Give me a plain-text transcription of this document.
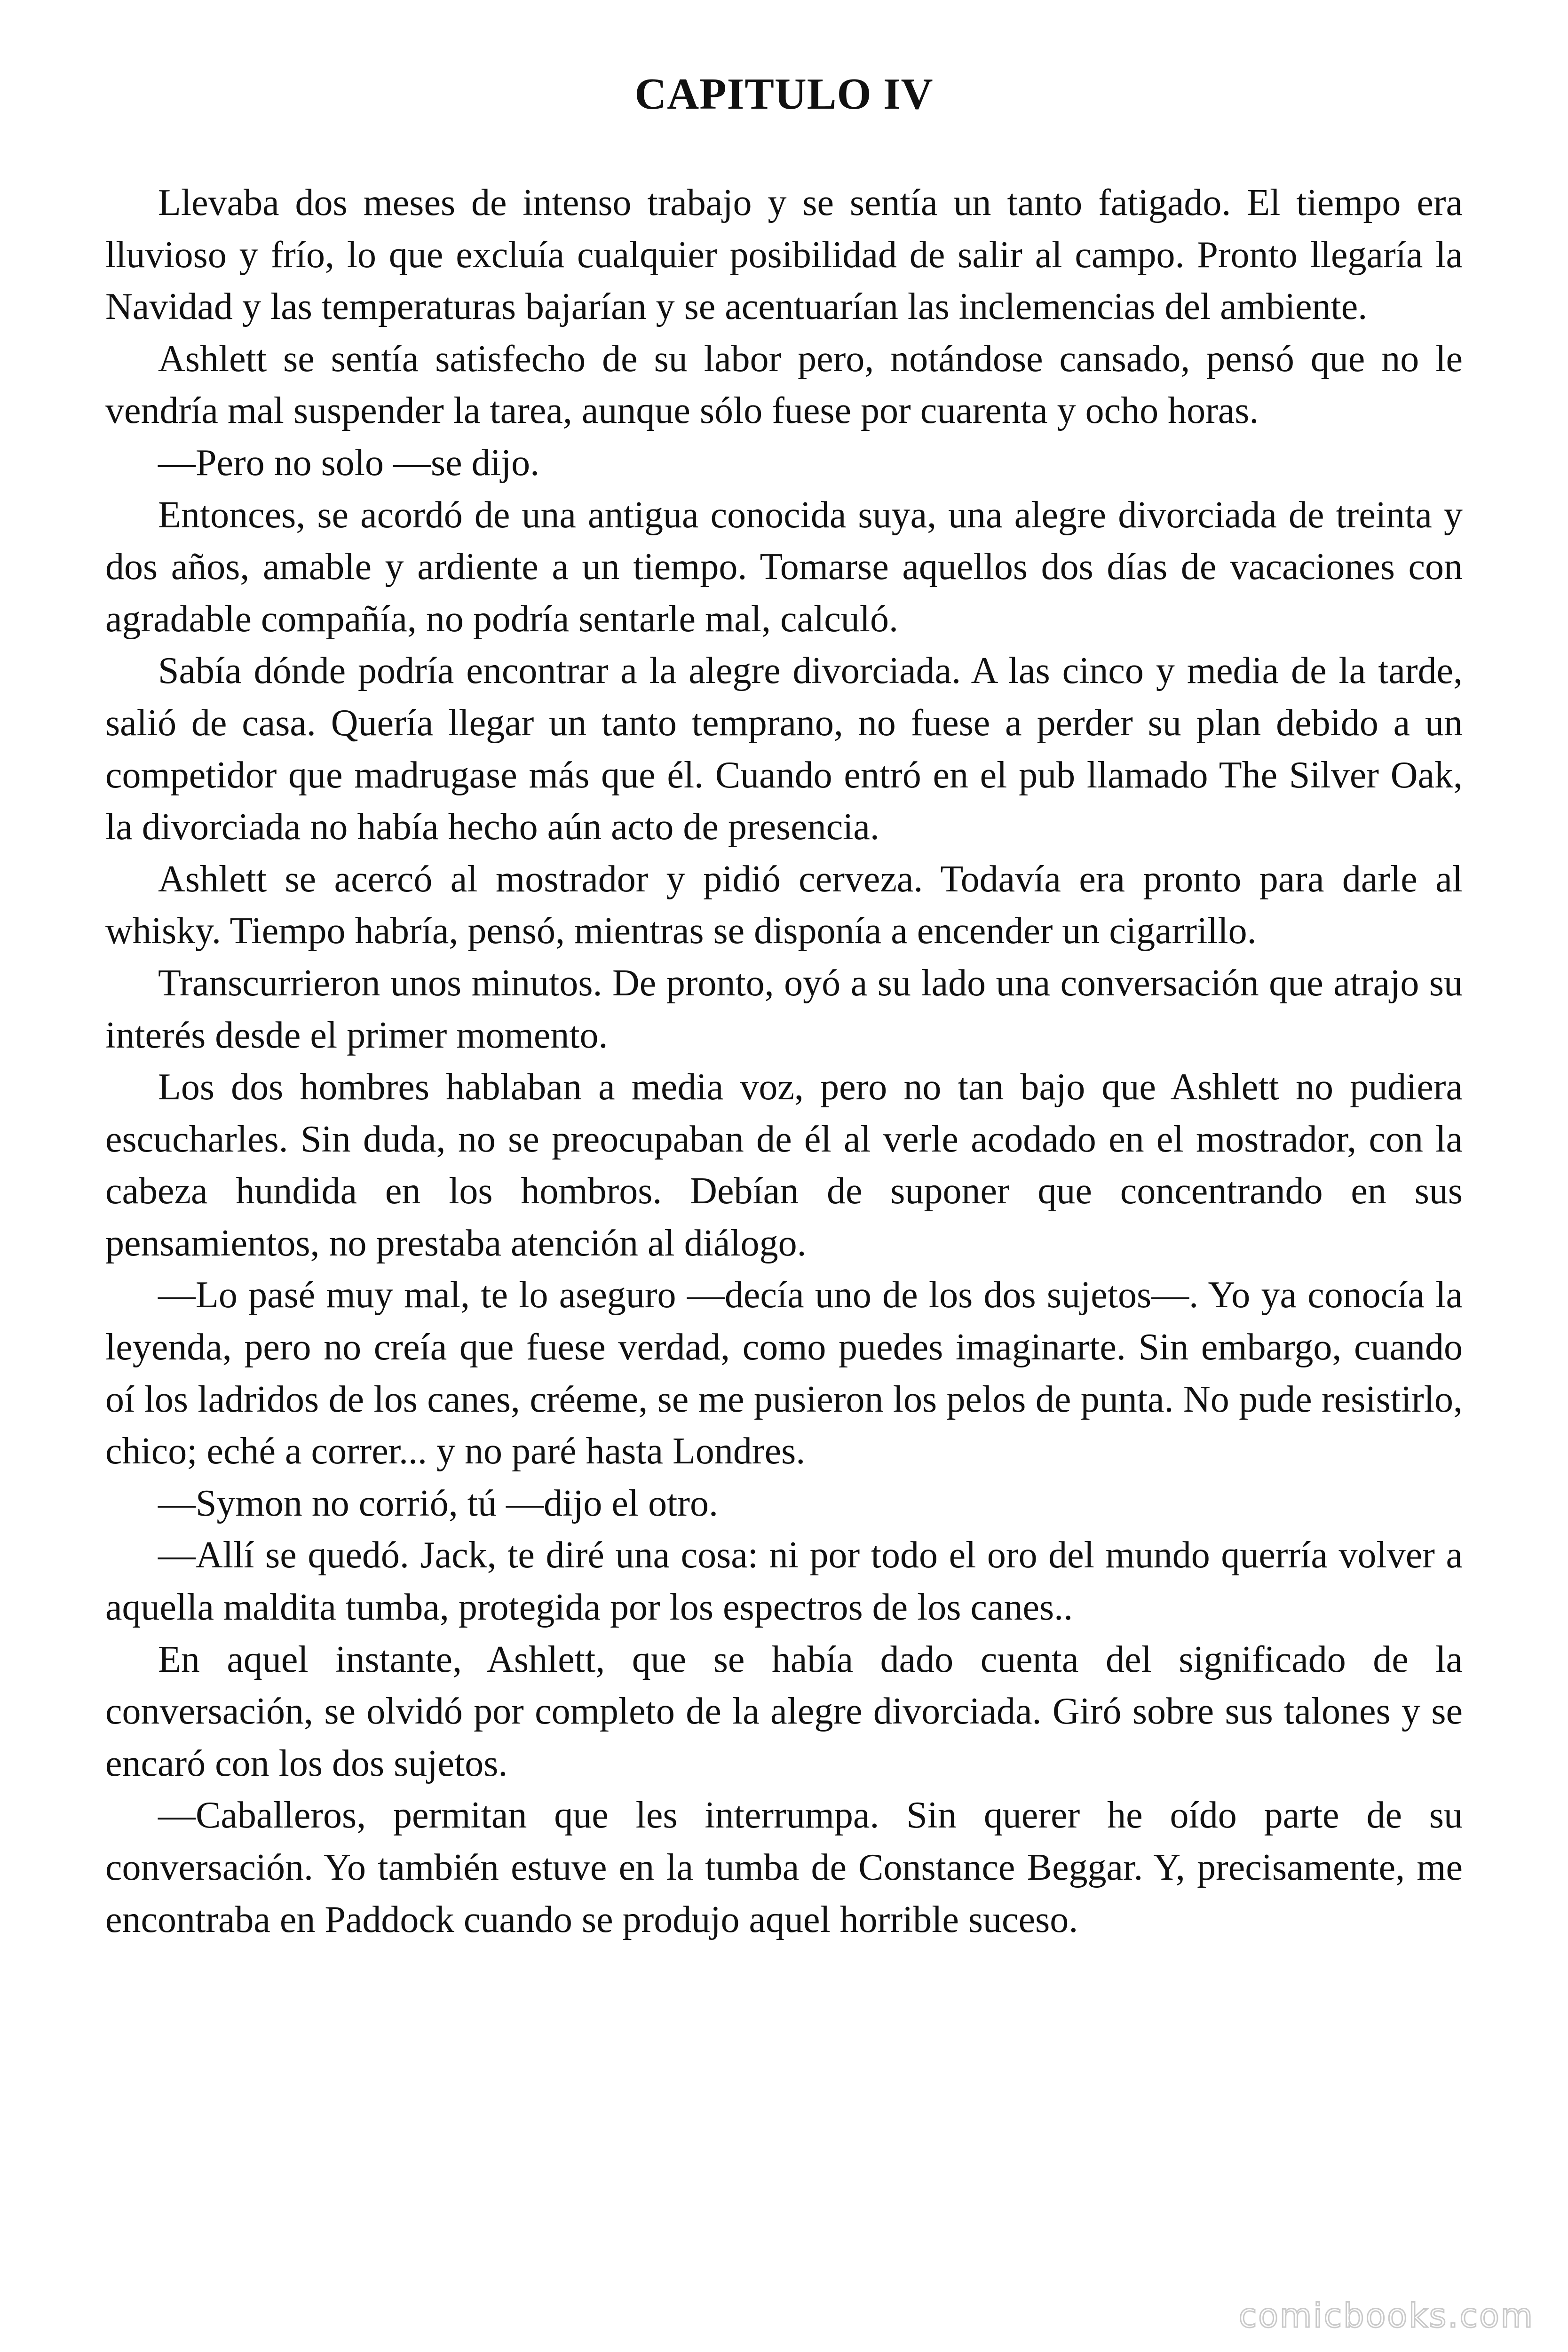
CAPITULO IV

Llevaba dos meses de intenso trabajo y se sentía un tanto fatigado. El tiempo era lluvioso y frío, lo que excluía cualquier posibilidad de salir al campo. Pronto llegaría la Navidad y las temperaturas bajarían y se acentuarían las inclemencias del ambiente.

Ashlett se sentía satisfecho de su labor pero, notándose cansado, pensó que no le vendría mal suspender la tarea, aunque sólo fuese por cuarenta y ocho horas.

—Pero no solo —se dijo.

Entonces, se acordó de una antigua conocida suya, una alegre divorciada de treinta y dos años, amable y ardiente a un tiempo. Tomarse aquellos dos días de vacaciones con agradable compañía, no podría sentarle mal, calculó.

Sabía dónde podría encontrar a la alegre divorciada. A las cinco y media de la tarde, salió de casa. Quería llegar un tanto temprano, no fuese a perder su plan debido a un competidor que madrugase más que él. Cuando entró en el pub llamado The Silver Oak, la divorciada no había hecho aún acto de presencia.

Ashlett se acercó al mostrador y pidió cerveza. Todavía era pronto para darle al whisky. Tiempo habría, pensó, mientras se disponía a encender un cigarrillo.

Transcurrieron unos minutos. De pronto, oyó a su lado una conversación que atrajo su interés desde el primer momento.

Los dos hombres hablaban a media voz, pero no tan bajo que Ashlett no pudiera escucharles. Sin duda, no se preocupaban de él al verle acodado en el mostrador, con la cabeza hundida en los hombros. Debían de suponer que concentrando en sus pensamientos, no prestaba atención al diálogo.

—Lo pasé muy mal, te lo aseguro —decía uno de los dos sujetos—. Yo ya conocía la leyenda, pero no creía que fuese verdad, como puedes imaginarte. Sin embargo, cuando oí los ladridos de los canes, créeme, se me pusieron los pelos de punta. No pude resistirlo, chico; eché a correr... y no paré hasta Londres.

—Symon no corrió, tú —dijo el otro.

—Allí se quedó. Jack, te diré una cosa: ni por todo el oro del mundo querría volver a aquella maldita tumba, protegida por los espectros de los canes..

En aquel instante, Ashlett, que se había dado cuenta del significado de la conversación, se olvidó por completo de la alegre divorciada. Giró sobre sus talones y se encaró con los dos sujetos.

—Caballeros, permitan que les interrumpa. Sin querer he oído parte de su conversación. Yo también estuve en la tumba de Constance Beggar. Y, precisamente, me encontraba en Paddock cuando se produjo aquel horrible suceso.

comicbooks.com
